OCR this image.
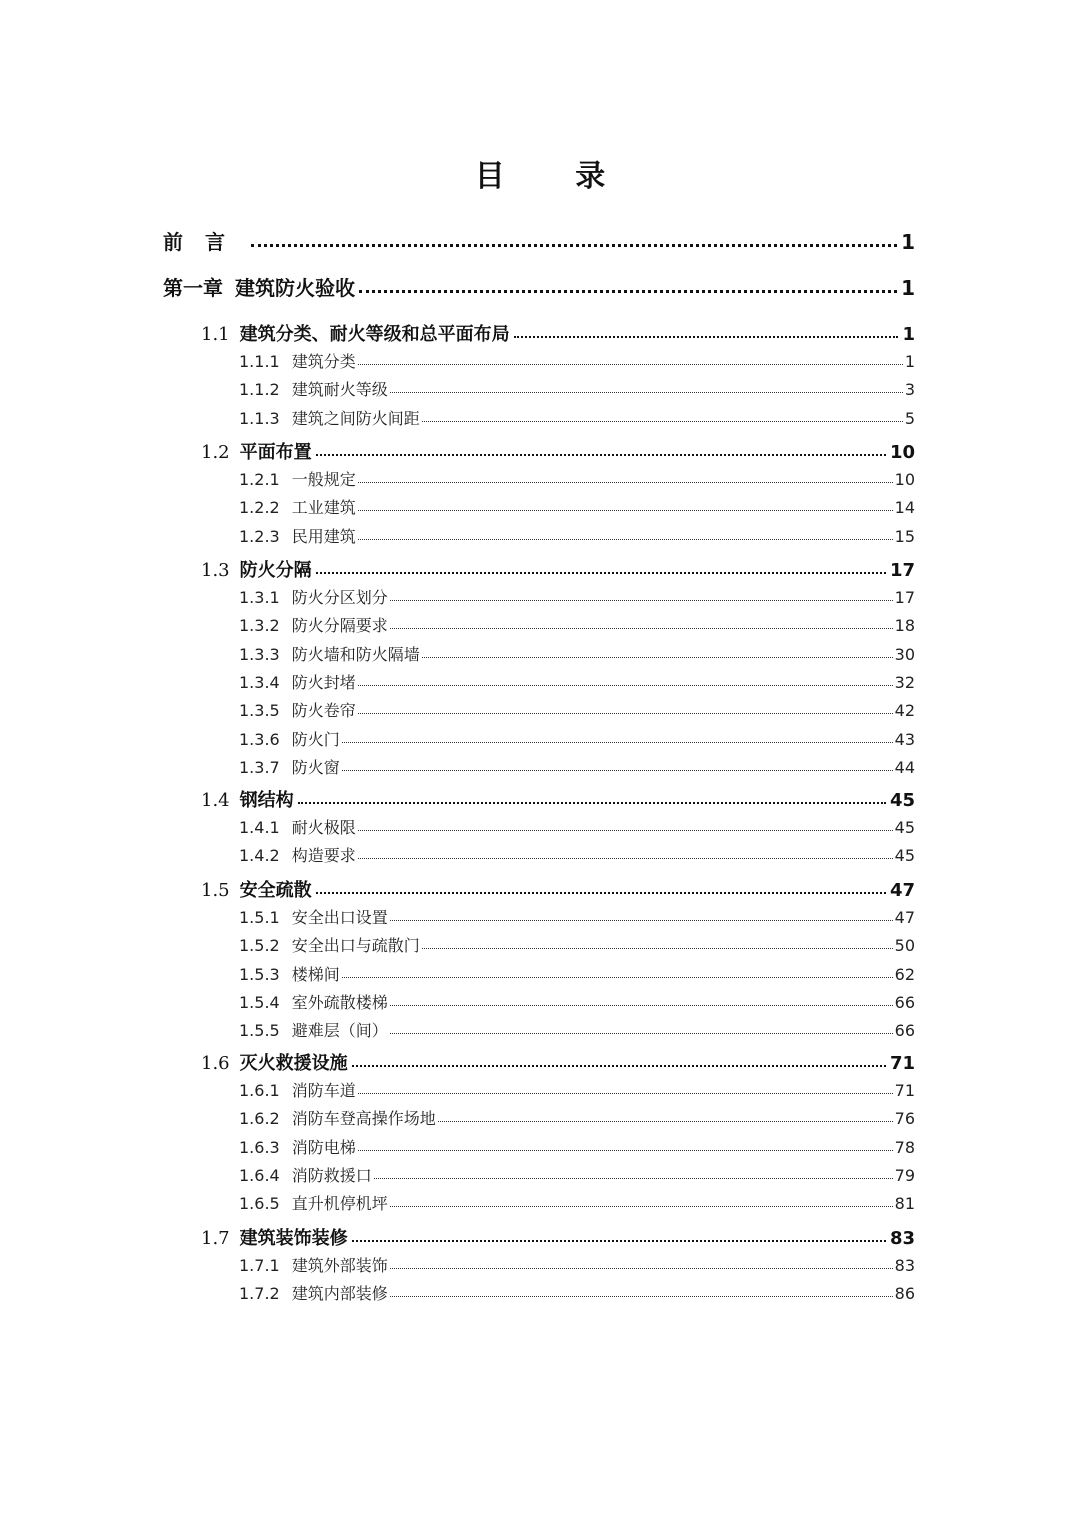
目 录
前言	1
第一章 建筑防火验收	1
1.1 建筑分类、耐火等级和总平面布局	1
1.1.1 建筑分类	1
1.1.2 建筑耐火等级	3
1.1.3 建筑之间防火间距	5
1.2 平面布置	10
1.2.1 一般规定	10
1.2.2 工业建筑	14
1.2.3 民用建筑	15
1.3 防火分隔	17
1.3.1 防火分区划分	17
1.3.2 防火分隔要求	18
1.3.3 防火墙和防火隔墙	30
1.3.4 防火封堵	32
1.3.5 防火卷帘	42
1.3.6 防火门	43
1.3.7 防火窗	44
1.4 钢结构	45
1.4.1 耐火极限	45
1.4.2 构造要求	45
1.5 安全疏散	47
1.5.1 安全出口设置	47
1.5.2 安全出口与疏散门	50
1.5.3 楼梯间	62
1.5.4 室外疏散楼梯	66
1.5.5 避难层（间）	66
1.6 灭火救援设施	71
1.6.1 消防车道	71
1.6.2 消防车登高操作场地	76
1.6.3 消防电梯	78
1.6.4 消防救援口	79
1.6.5 直升机停机坪	81
1.7 建筑装饰装修	83
1.7.1 建筑外部装饰	83
1.7.2 建筑内部装修	86
